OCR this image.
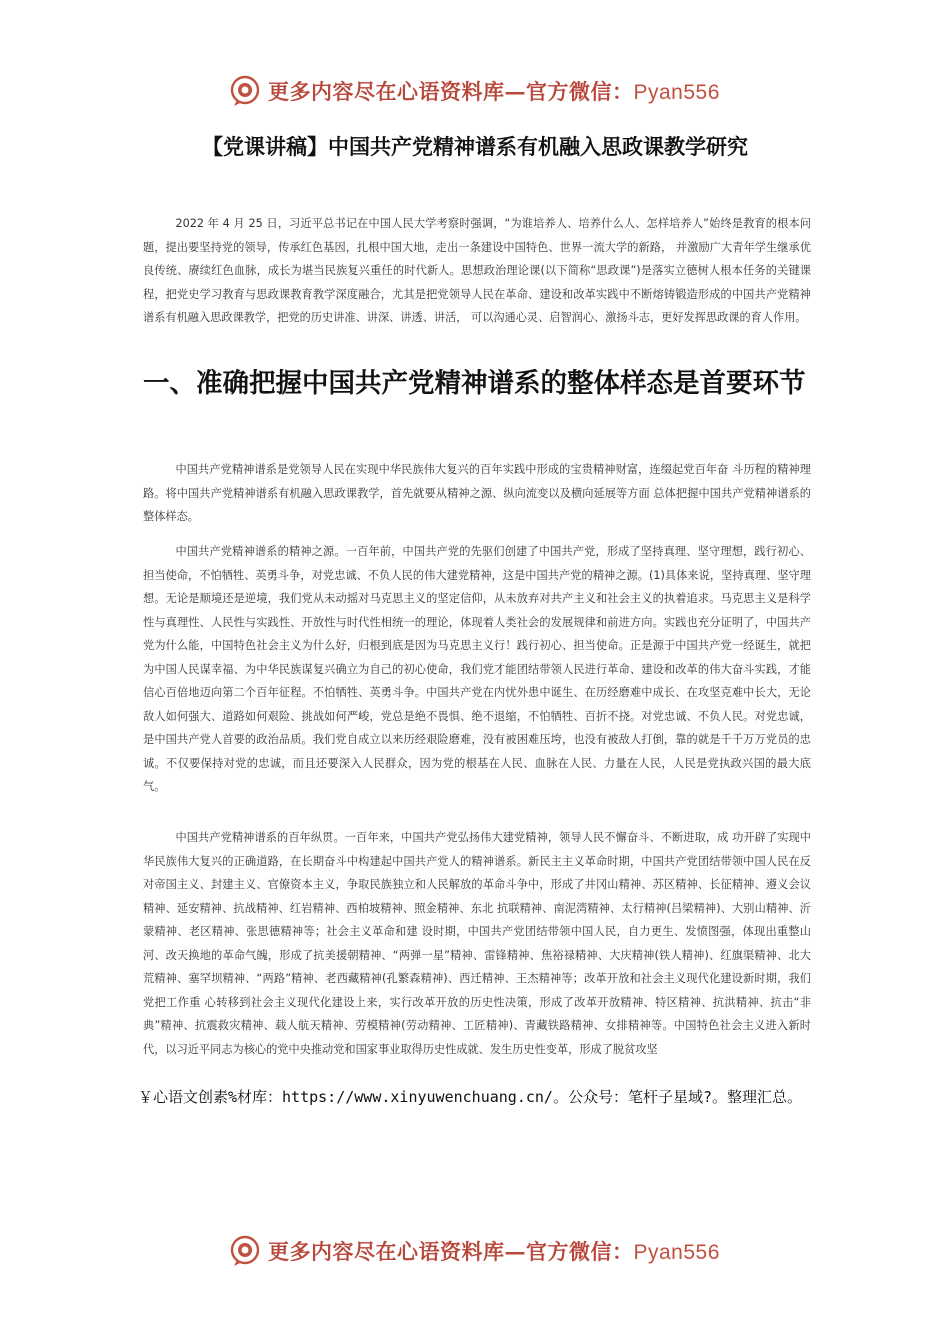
更多内容尽在心语资料库—官方微信：Pyan556
【党课讲稿】中国共产党精神谱系有机融入思政课教学研究

2022 年 4 月 25 日，习近平总书记在中国人民大学考察时强调，“为谁培养人、培养什么人、怎样培养人”始终是教育的根本问题，提出要坚持党的领导，传承红色基因，扎根中国大地，走出一条建设中国特色、世界一流大学的新路， 并激励广大青年学生继承优良传统、赓续红色血脉，成长为堪当民族复兴重任的时代新人。思想政治理论课(以下简称“思政课”)是落实立德树人根本任务的关键课程，把党史学习教育与思政课教育教学深度融合，尤其是把党领导人民在革命、建设和改革实践中不断熔铸锻造形成的中国共产党精神谱系有机融入思政课教学，把党的历史讲准、讲深、讲透、讲活， 可以沟通心灵、启智润心、激扬斗志，更好发挥思政课的育人作用。

一、准确把握中国共产党精神谱系的整体样态是首要环节

中国共产党精神谱系是党领导人民在实现中华民族伟大复兴的百年实践中形成的宝贵精神财富，连缀起党百年奋 斗历程的精神理路。将中国共产党精神谱系有机融入思政课教学，首先就要从精神之源、纵向流变以及横向延展等方面 总体把握中国共产党精神谱系的整体样态。

中国共产党精神谱系的精神之源。一百年前，中国共产党的先驱们创建了中国共产党，形成了坚持真理、坚守理想，践行初心、担当使命，不怕牺牲、英勇斗争，对党忠诚、不负人民的伟大建党精神，这是中国共产党的精神之源。(1)具体来说，坚持真理、坚守理想。无论是顺境还是逆境，我们党从未动摇对马克思主义的坚定信仰，从未放弃对共产主义和社会主义的执着追求。马克思主义是科学性与真理性、人民性与实践性、开放性与时代性相统一的理论，体现着人类社会的发展规律和前进方向。实践也充分证明了，中国共产党为什么能，中国特色社会主义为什么好，归根到底是因为马克思主义行！践行初心、担当使命。正是源于中国共产党一经诞生，就把为中国人民谋幸福、为中华民族谋复兴确立为自己的初心使命，我们党才能团结带领人民进行革命、建设和改革的伟大奋斗实践，才能信心百倍地迈向第二个百年征程。不怕牺牲、英勇斗争。中国共产党在内忧外患中诞生、在历经磨难中成长、在攻坚克难中长大，无论敌人如何强大、道路如何艰险、挑战如何严峻，党总是绝不畏惧、绝不退缩，不怕牺牲、百折不挠。对党忠诚、不负人民。对党忠诚，是中国共产党人首要的政治品质。我们党自成立以来历经艰险磨难，没有被困难压垮，也没有被敌人打倒，靠的就是千千万万党员的忠诚。不仅要保持对党的忠诚，而且还要深入人民群众，因为党的根基在人民、血脉在人民、力量在人民，人民是党执政兴国的最大底气。

中国共产党精神谱系的百年纵贯。一百年来，中国共产党弘扬伟大建党精神，领导人民不懈奋斗、不断进取，成 功开辟了实现中华民族伟大复兴的正确道路，在长期奋斗中构建起中国共产党人的精神谱系。新民主主义革命时期，中国共产党团结带领中国人民在反对帝国主义、封建主义、官僚资本主义，争取民族独立和人民解放的革命斗争中，形成了井冈山精神、苏区精神、长征精神、遵义会议精神、延安精神、抗战精神、红岩精神、西柏坡精神、照金精神、东北 抗联精神、南泥湾精神、太行精神(吕梁精神)、大别山精神、沂蒙精神、老区精神、张思德精神等；社会主义革命和建 设时期，中国共产党团结带领中国人民，自力更生、发愤图强，体现出重整山河、改天换地的革命气魄，形成了抗美援朝精神、“两弹一星”精神、雷锋精神、焦裕禄精神、大庆精神(铁人精神)、红旗渠精神、北大荒精神、塞罕坝精神、“两路”精神、老西藏精神(孔繁森精神)、西迁精神、王杰精神等；改革开放和社会主义现代化建设新时期，我们党把工作重 心转移到社会主义现代化建设上来，实行改革开放的历史性决策，形成了改革开放精神、特区精神、抗洪精神、抗击“非典”精神、抗震救灾精神、载人航天精神、劳模精神(劳动精神、工匠精神)、青藏铁路精神、女排精神等。中国特色社会主义进入新时代，以习近平同志为核心的党中央推动党和国家事业取得历史性成就、发生历史性变革，形成了脱贫攻坚

￥心语文创素%材库：https://www.xinyuwenchuang.cn/。公众号：笔杆子星域?。整理汇总。

更多内容尽在心语资料库—官方微信：Pyan556
